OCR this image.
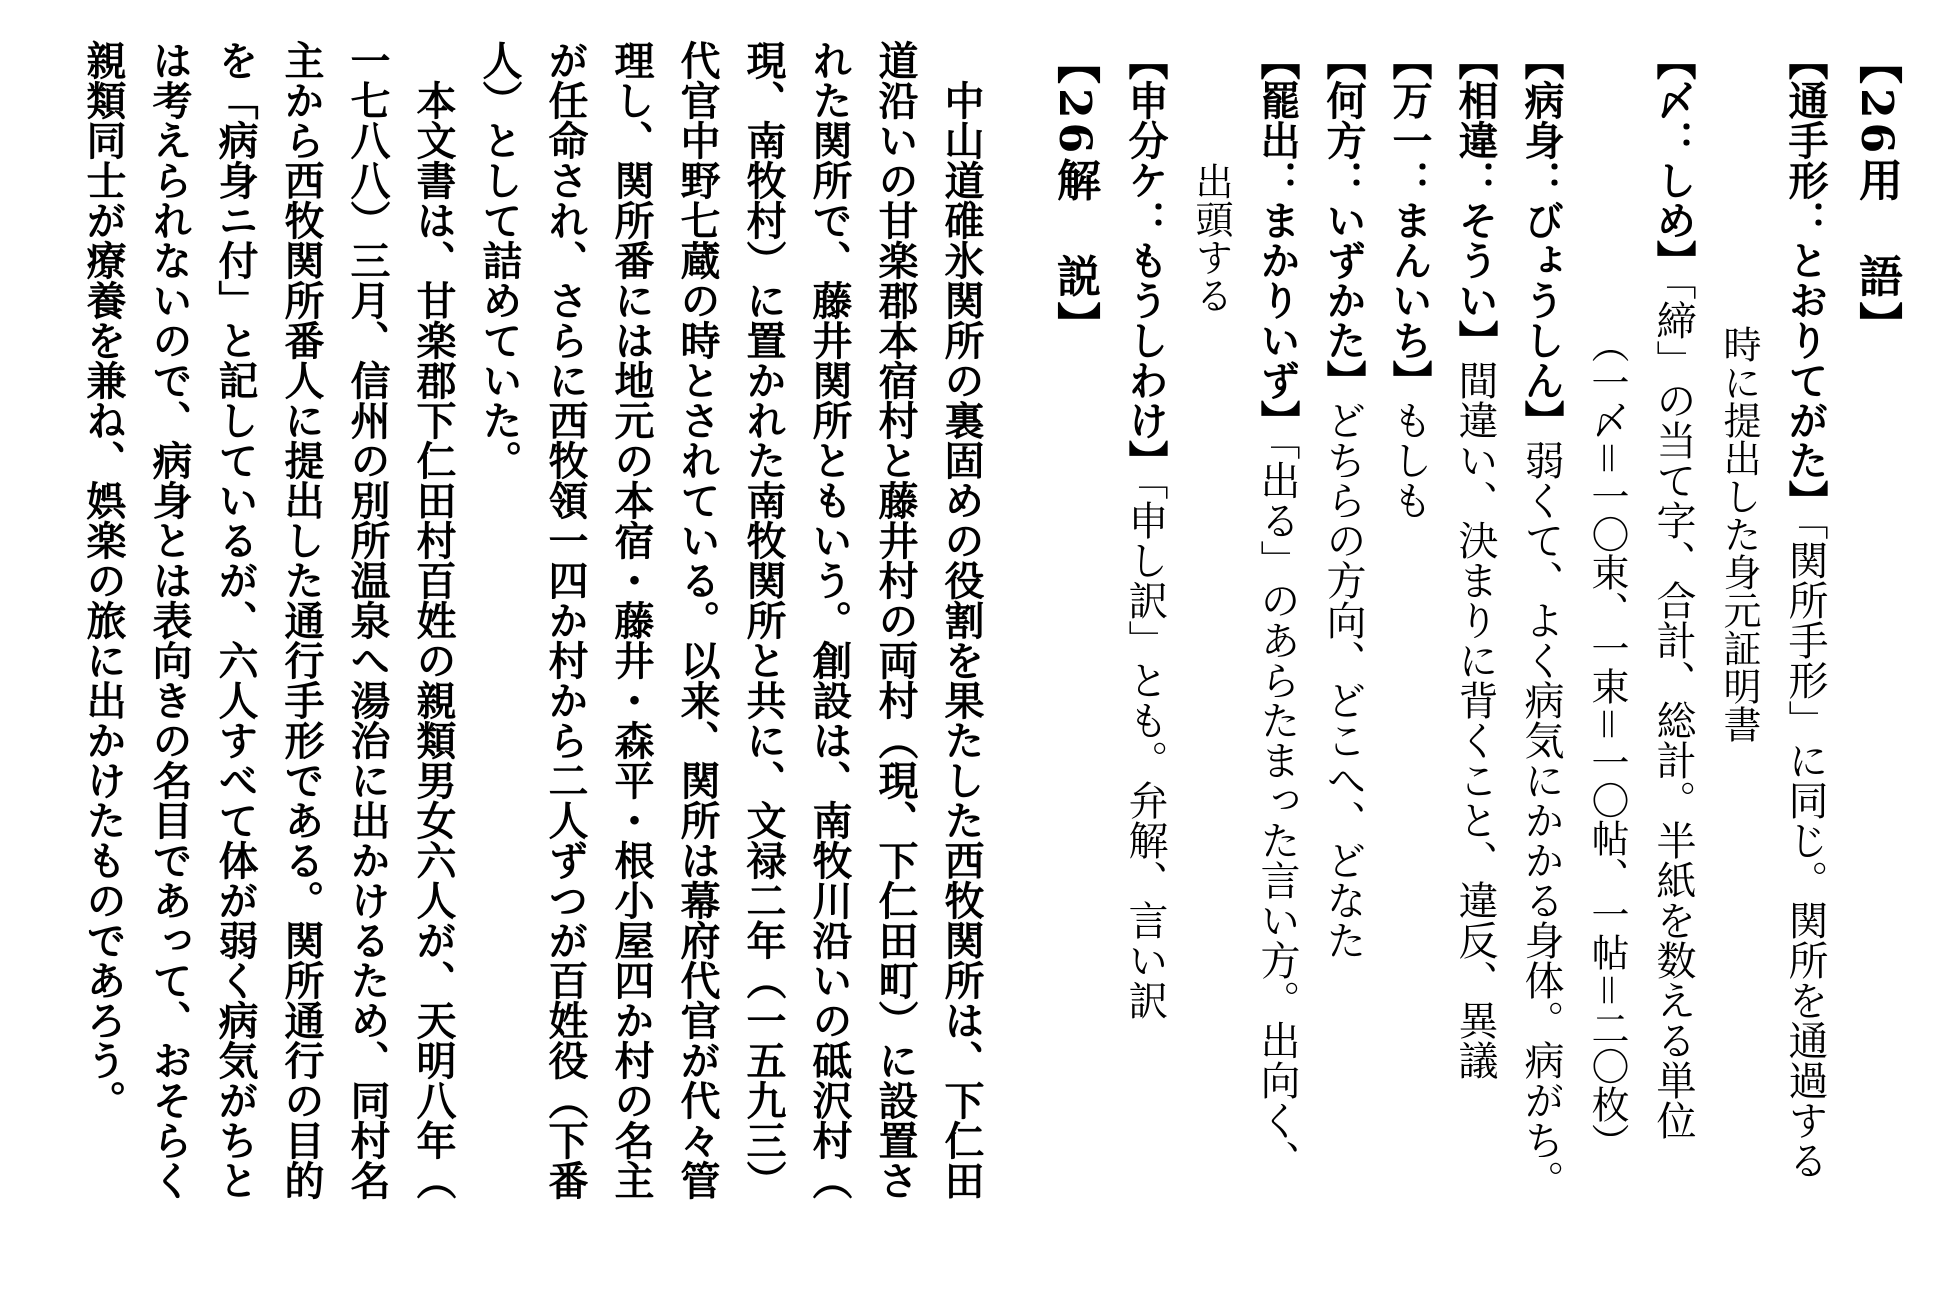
【26用　語】

【通手形：とおりてがた】「関所手形」に同じ。関所を通過する

時に提出した身元証明書

【〆：しめ】「締」の当て字、合計、総計。半紙を数える単位

（一〆＝一〇束、一束＝一〇帖、一帖＝二〇枚）

【病身：びょうしん】弱くて、よく病気にかかる身体。病がち。

【相違：そうい】間違い、決まりに背くこと、違反、異議

【万一：まんいち】もしも

【何方：いずかた】どちらの方向、どこへ、どなた

【罷出：まかりいず】「出る」のあらたまった言い方。出向く、

出頭する

【申分ケ：もうしわけ】「申し訳」とも。弁解、言い訳

【26解　説】

　中山道碓氷関所の裏固めの役割を果たした西牧関所は、下仁田

道沿いの甘楽郡本宿村と藤井村の両村（現、下仁田町）に設置さ

れた関所で、藤井関所ともいう。創設は、南牧川沿いの砥沢村（

現、南牧村）に置かれた南牧関所と共に、文禄二年（一五九三）

代官中野七蔵の時とされている。以来、関所は幕府代官が代々管

理し、関所番には地元の本宿・藤井・森平・根小屋四か村の名主

が任命され、さらに西牧領一四か村から二人ずつが百姓役（下番

人）として詰めていた。

　本文書は、甘楽郡下仁田村百姓の親類男女六人が、天明八年（

一七八八）三月、信州の別所温泉へ湯治に出かけるため、同村名

主から西牧関所番人に提出した通行手形である。関所通行の目的

を「病身ニ付」と記しているが、六人すべて体が弱く病気がちと

は考えられないので、病身とは表向きの名目であって、おそらく

親類同士が療養を兼ね、娯楽の旅に出かけたものであろう。
